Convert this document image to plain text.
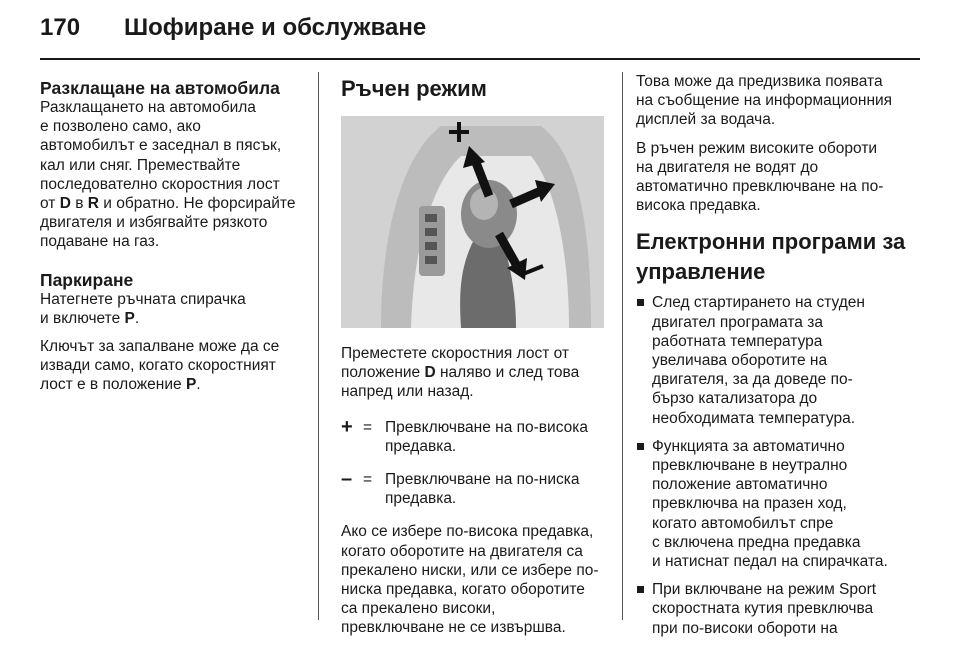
170 Шофиране и обслужване
Разклащане на автомобила

Разклащането на автомобила
е позволено само, ако
автомобилът е заседнал в пясък,
кал или сняг. Премествайте
последователно скоростния лост
от D в R и обратно. Не форсирайте
двигателя и избягвайте рязкото
подаване на газ.

Паркиране

Натегнете ръчната спирачка
и включете P.

Ключът за запалване може да се
извади само, когато скоростният
лост е в положение P.

Ръчен режим

Преместете скоростния лост от
положение D наляво и след това
напред или назад.

+ = Превключване на по-висока
предавка.
– = Превключване на по-ниска
предавка.

Ако се избере по-висока предавка,
когато оборотите на двигателя са
прекалено ниски, или се избере по-
ниска предавка, когато оборотите
са прекалено високи,
превключване не се извършва.

Това може да предизвика появата
на съобщение на информационния
дисплей за водача.

В ръчен режим високите обороти
на двигателя не водят до
автоматично превключване на по-
висока предавка.

Електронни програми за
управление
След стартирането на студен
двигател програмата за
работната температура
увеличава оборотите на
двигателя, за да доведе по-
бързо катализатора до
необходимата температура.
Функцията за автоматично
превключване в неутрално
положение автоматично
превключва на празен ход,
когато автомобилът спре
с включена предна предавка
и натиснат педал на спирачката.
При включване на режим Sport
скоростната кутия превключва
при по-високи обороти на
